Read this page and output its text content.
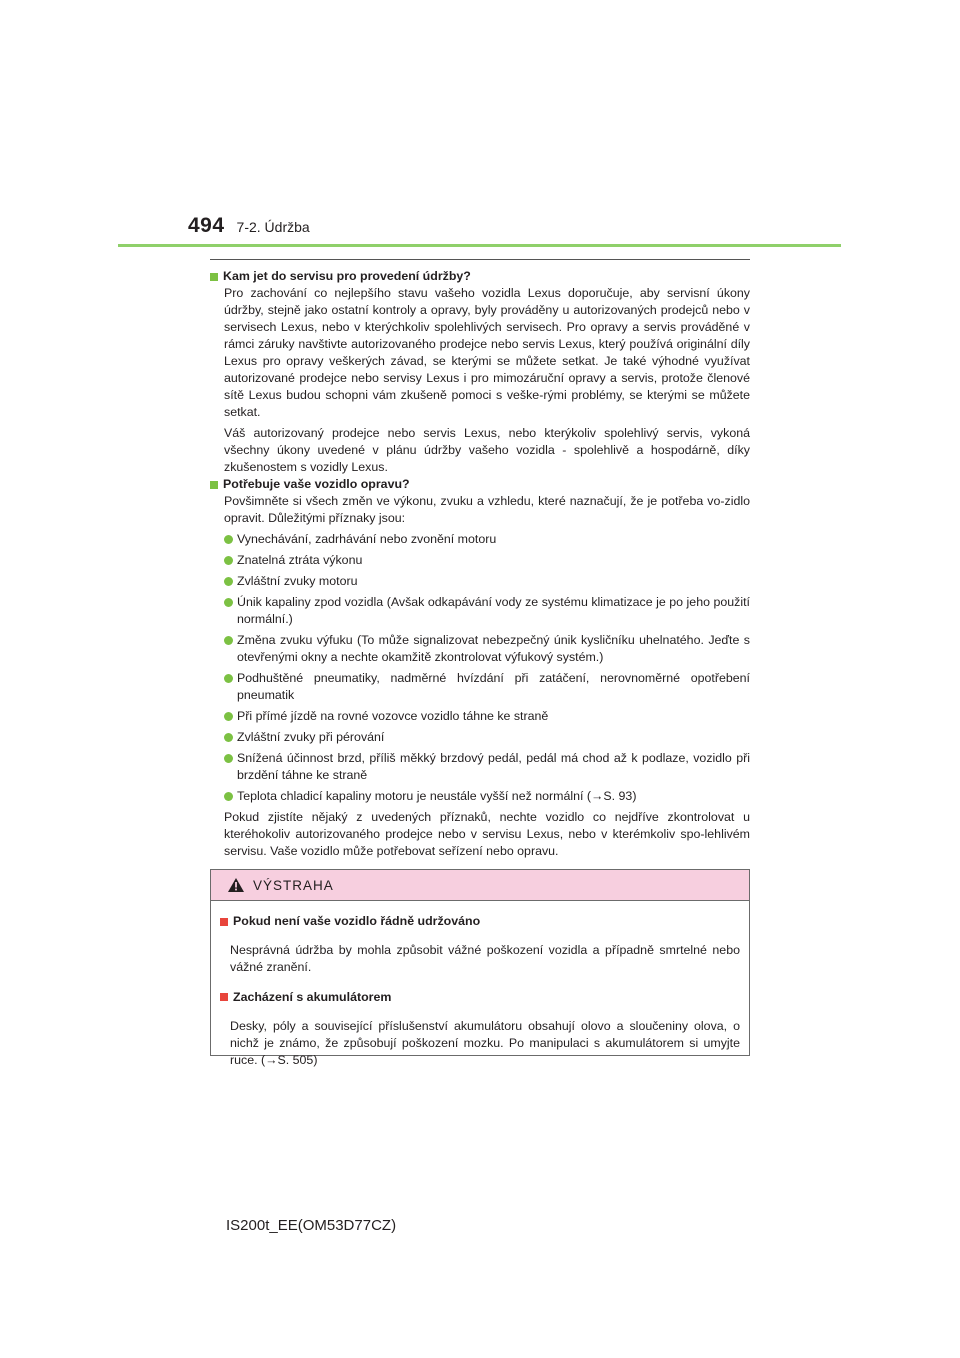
494 7-2. Údržba

Kam jet do servisu pro provedení údržby?

Pro zachování co nejlepšího stavu vašeho vozidla Lexus doporučuje, aby servisní úkony údržby, stejně jako ostatní kontroly a opravy, byly prováděny u autorizovaných prodejců nebo v servisech Lexus, nebo v kterýchkoliv spolehlivých servisech. Pro opravy a servis prováděné v rámci záruky navštivte autorizovaného prodejce nebo servis Lexus, který používá originální díly Lexus pro opravy veškerých závad, se kterými se můžete setkat. Je také výhodné využívat autorizované prodejce nebo servisy Lexus i pro mimozáruční opravy a servis, protože členové sítě Lexus budou schopni vám zkušeně pomoci s veške-rými problémy, se kterými se můžete setkat.

Váš autorizovaný prodejce nebo servis Lexus, nebo kterýkoliv spolehlivý servis, vykoná všechny úkony uvedené v plánu údržby vašeho vozidla - spolehlivě a hospodárně, díky zkušenostem s vozidly Lexus.

Potřebuje vaše vozidlo opravu?

Povšimněte si všech změn ve výkonu, zvuku a vzhledu, které naznačují, že je potřeba vo-zidlo opravit. Důležitými příznaky jsou:

Vynechávání, zadrhávání nebo zvonění motoru
Znatelná ztráta výkonu
Zvláštní zvuky motoru
Únik kapaliny zpod vozidla (Avšak odkapávání vody ze systému klimatizace je po jeho použití normální.)
Změna zvuku výfuku (To může signalizovat nebezpečný únik kysličníku uhelnatého. Jeďte s otevřenými okny a nechte okamžitě zkontrolovat výfukový systém.)
Podhuštěné pneumatiky, nadměrné hvízdání při zatáčení, nerovnoměrné opotřebení pneumatik
Při přímé jízdě na rovné vozovce vozidlo táhne ke straně
Zvláštní zvuky při pérování
Snížená účinnost brzd, příliš měkký brzdový pedál, pedál má chod až k podlaze, vozidlo při brzdění táhne ke straně
Teplota chladicí kapaliny motoru je neustále vyšší než normální (→S. 93)

Pokud zjistíte nějaký z uvedených příznaků, nechte vozidlo co nejdříve zkontrolovat u kteréhokoliv autorizovaného prodejce nebo v servisu Lexus, nebo v kterémkoliv spo-lehlivém servisu. Vaše vozidlo může potřebovat seřízení nebo opravu.

VÝSTRAHA

Pokud není vaše vozidlo řádně udržováno

Nesprávná údržba by mohla způsobit vážné poškození vozidla a případně smrtelné nebo vážné zranění.

Zacházení s akumulátorem

Desky, póly a související příslušenství akumulátoru obsahují olovo a sloučeniny olova, o nichž je známo, že způsobují poškození mozku. Po manipulaci s akumulátorem si umyjte ruce. (→S. 505)

IS200t_EE(OM53D77CZ)
